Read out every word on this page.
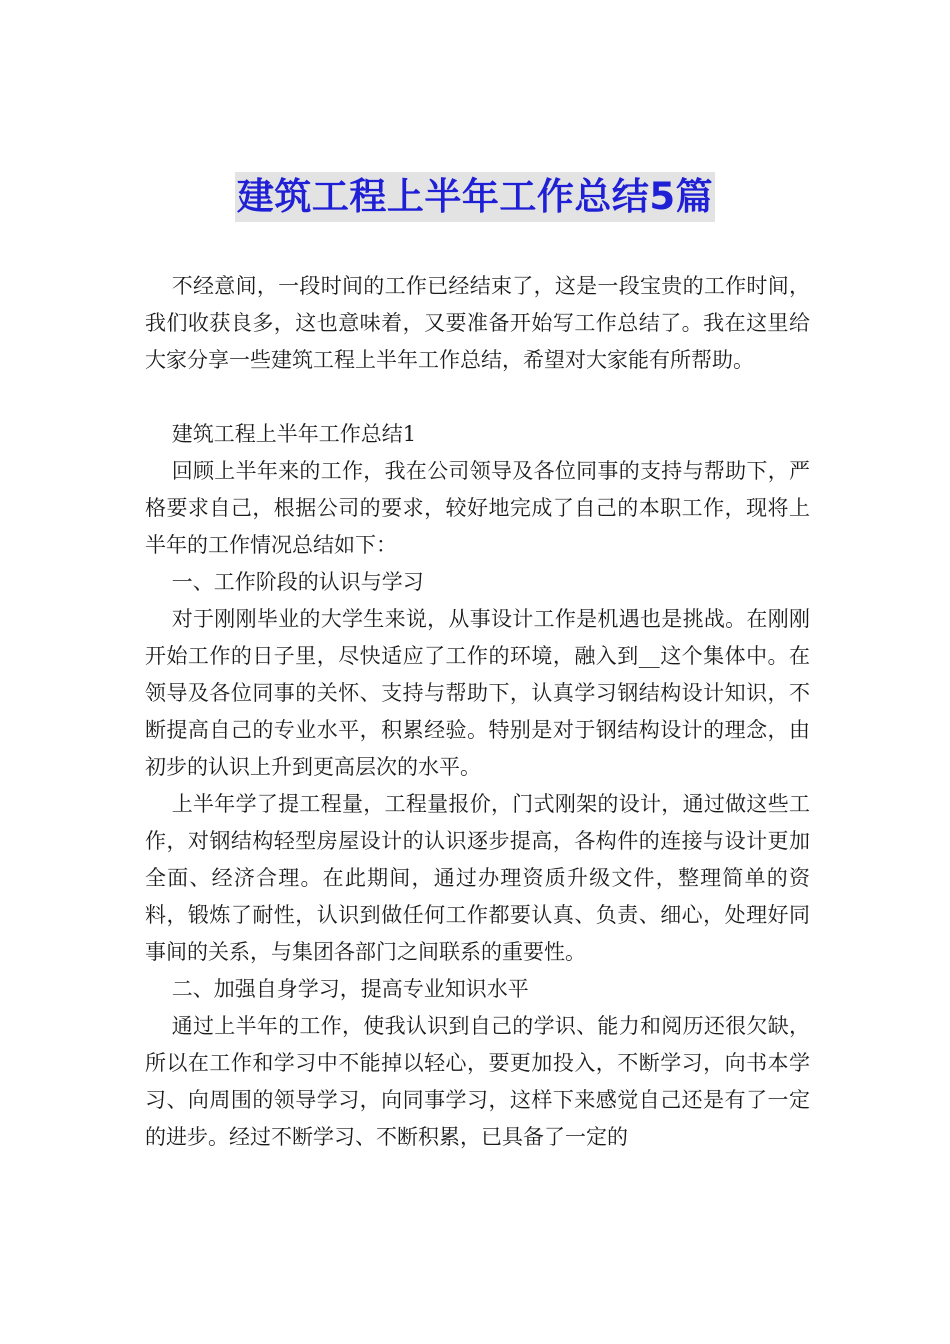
建筑工程上半年工作总结5篇

不经意间，一段时间的工作已经结束了，这是一段宝贵的工作时间，我们收获良多，这也意味着，又要准备开始写工作总结了。我在这里给大家分享一些建筑工程上半年工作总结，希望对大家能有所帮助。

建筑工程上半年工作总结1

回顾上半年来的工作，我在公司领导及各位同事的支持与帮助下，严格要求自己，根据公司的要求，较好地完成了自己的本职工作，现将上半年的工作情况总结如下：

一、工作阶段的认识与学习

对于刚刚毕业的大学生来说，从事设计工作是机遇也是挑战。在刚刚开始工作的日子里，尽快适应了工作的环境，融入到__这个集体中。在领导及各位同事的关怀、支持与帮助下，认真学习钢结构设计知识，不断提高自己的专业水平，积累经验。特别是对于钢结构设计的理念，由初步的认识上升到更高层次的水平。

上半年学了提工程量，工程量报价，门式刚架的设计，通过做这些工作，对钢结构轻型房屋设计的认识逐步提高，各构件的连接与设计更加全面、经济合理。在此期间，通过办理资质升级文件，整理简单的资料，锻炼了耐性，认识到做任何工作都要认真、负责、细心，处理好同事间的关系，与集团各部门之间联系的重要性。

二、加强自身学习，提高专业知识水平

通过上半年的工作，使我认识到自己的学识、能力和阅历还很欠缺，所以在工作和学习中不能掉以轻心，要更加投入，不断学习，向书本学习、向周围的领导学习，向同事学习，这样下来感觉自己还是有了一定的进步。经过不断学习、不断积累，已具备了一定的
